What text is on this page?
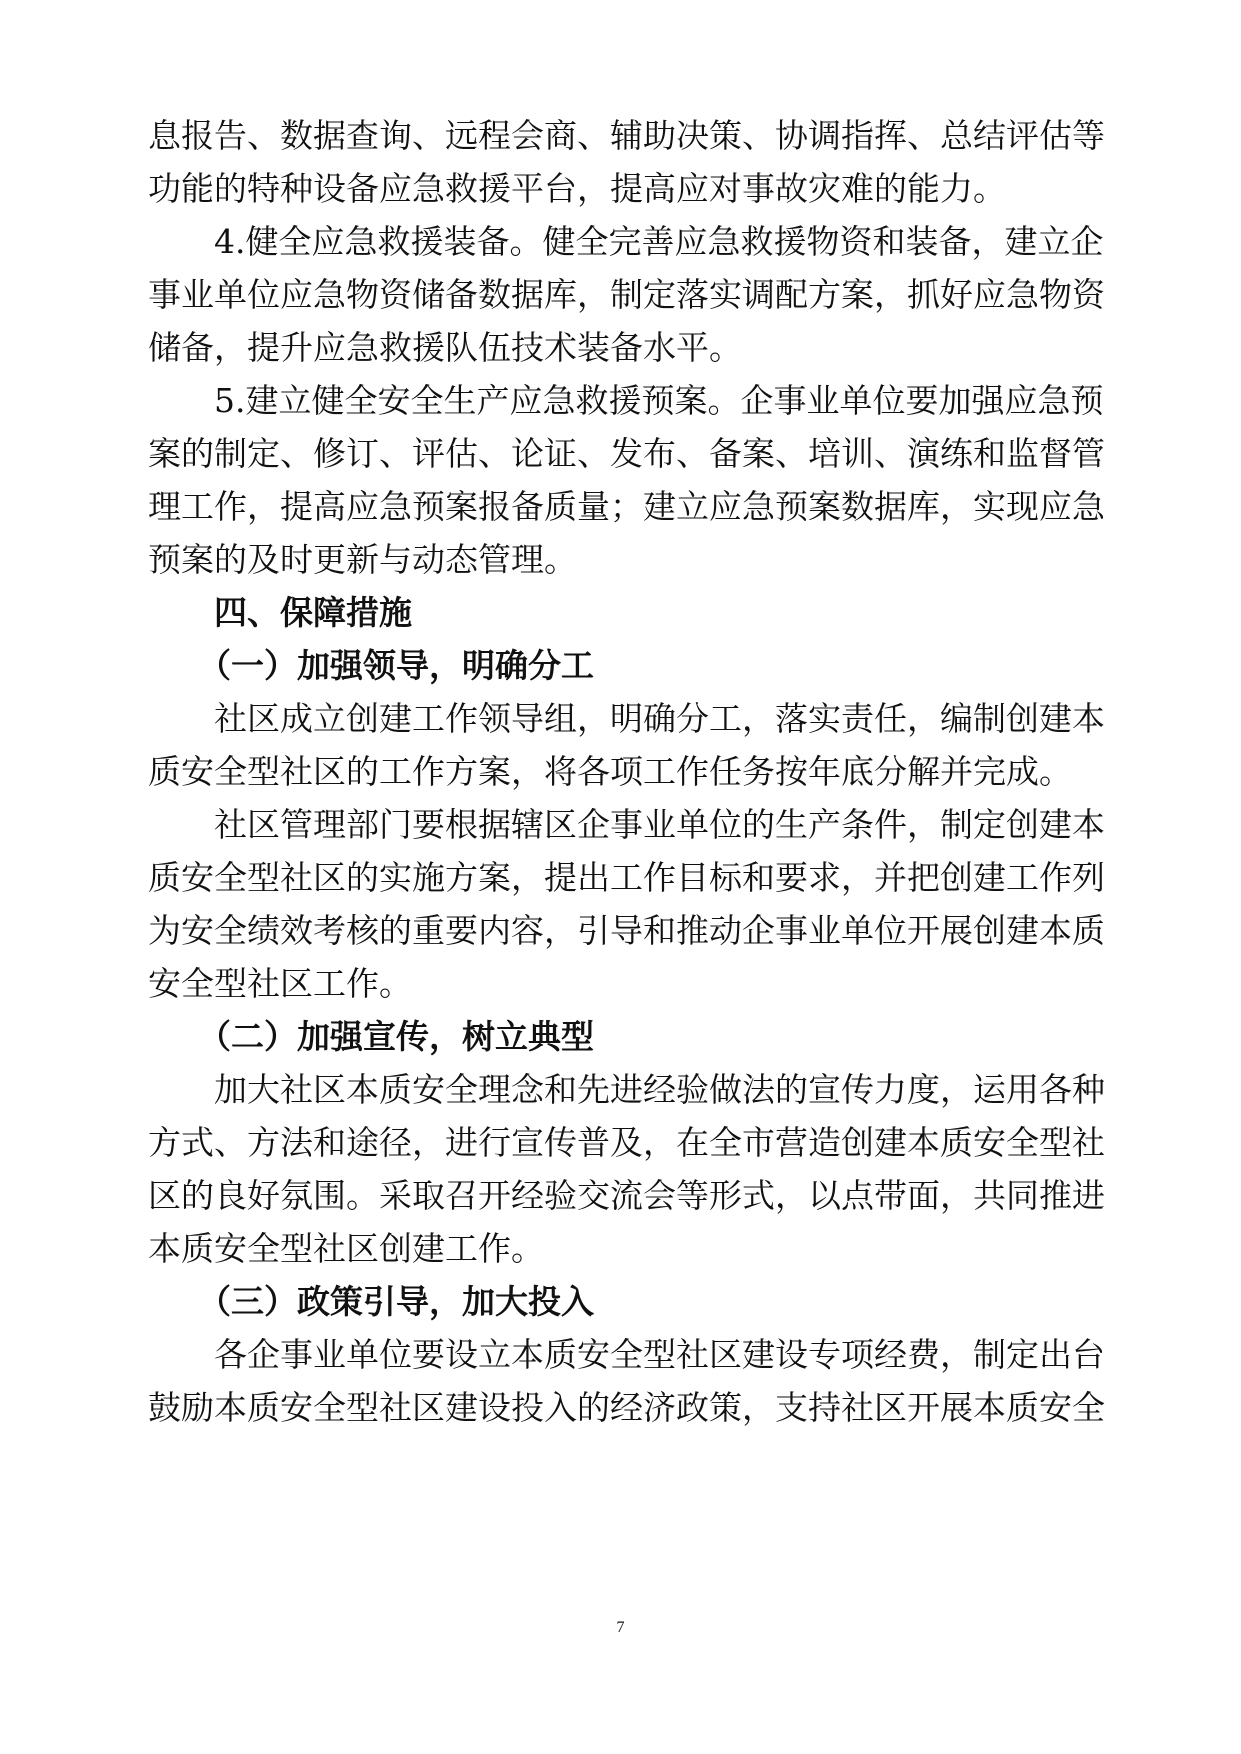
息报告、数据查询、远程会商、辅助决策、协调指挥、总结评估等
功能的特种设备应急救援平台，提高应对事故灾难的能力。
4.健全应急救援装备。健全完善应急救援物资和装备，建立企
事业单位应急物资储备数据库，制定落实调配方案，抓好应急物资
储备，提升应急救援队伍技术装备水平。
5.建立健全安全生产应急救援预案。企事业单位要加强应急预
案的制定、修订、评估、论证、发布、备案、培训、演练和监督管
理工作，提高应急预案报备质量；建立应急预案数据库，实现应急
预案的及时更新与动态管理。
四、保障措施
（一）加强领导，明确分工
社区成立创建工作领导组，明确分工，落实责任，编制创建本
质安全型社区的工作方案，将各项工作任务按年底分解并完成。
社区管理部门要根据辖区企事业单位的生产条件，制定创建本
质安全型社区的实施方案，提出工作目标和要求，并把创建工作列
为安全绩效考核的重要内容，引导和推动企事业单位开展创建本质
安全型社区工作。
（二）加强宣传，树立典型
加大社区本质安全理念和先进经验做法的宣传力度，运用各种
方式、方法和途径，进行宣传普及，在全市营造创建本质安全型社
区的良好氛围。采取召开经验交流会等形式，以点带面，共同推进
本质安全型社区创建工作。
（三）政策引导，加大投入
各企事业单位要设立本质安全型社区建设专项经费，制定出台
鼓励本质安全型社区建设投入的经济政策，支持社区开展本质安全
7
